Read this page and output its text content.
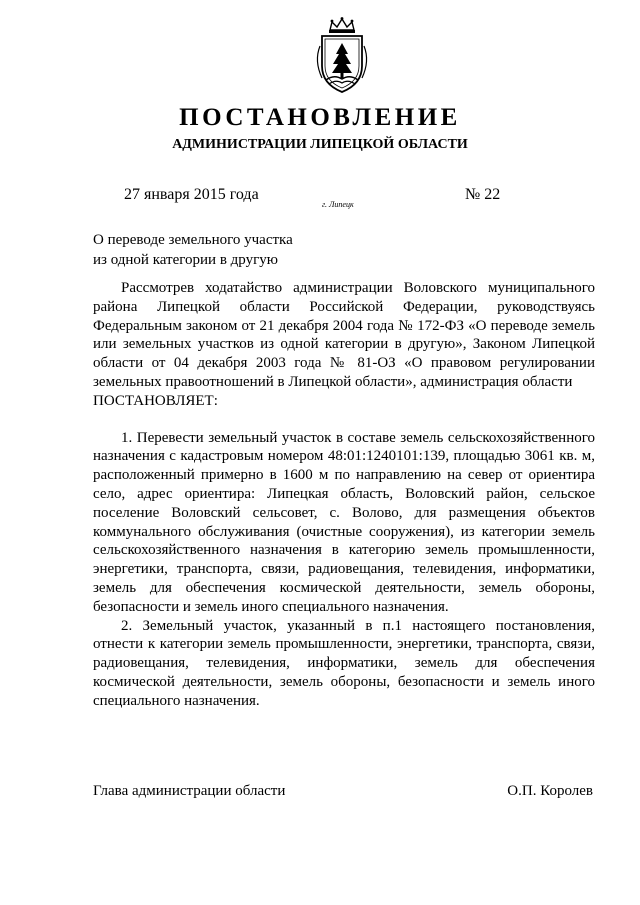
ПОСТАНОВЛЕНИЕ
АДМИНИСТРАЦИИ ЛИПЕЦКОЙ ОБЛАСТИ
27 января 2015 года
г. Липецк
№ 22
О переводе земельного участка
из одной категории в другую

Рассмотрев ходатайство администрации Воловского муниципального района Липецкой области Российской Федерации, руководствуясь Федеральным законом от 21 декабря 2004 года № 172-ФЗ «О переводе земель или земельных участков из одной категории в другую», Законом Липецкой области от 04 декабря 2003 года № 81-ОЗ «О правовом регулировании земельных правоотношений в Липецкой области», администрация области

ПОСТАНОВЛЯЕТ:

1. Перевести земельный участок в составе земель сельскохозяйственного назначения с кадастровым номером 48:01:1240101:139, площадью 3061 кв. м, расположенный примерно в 1600 м по направлению на север от ориентира село, адрес ориентира: Липецкая область, Воловский район, сельское поселение Воловский сельсовет, с. Волово, для размещения объектов коммунального обслуживания (очистные сооружения), из категории земель сельскохозяйственного назначения в категорию земель промышленности, энергетики, транспорта, связи, радиовещания, телевидения, информатики, земель для обеспечения космической деятельности, земель обороны, безопасности и земель иного специального назначения.

2. Земельный участок, указанный в п.1 настоящего постановления, отнести к категории земель промышленности, энергетики, транспорта, связи, радиовещания, телевидения, информатики, земель для обеспечения космической деятельности, земель обороны, безопасности и земель иного специального назначения.

Глава администрации области	О.П. Королев
